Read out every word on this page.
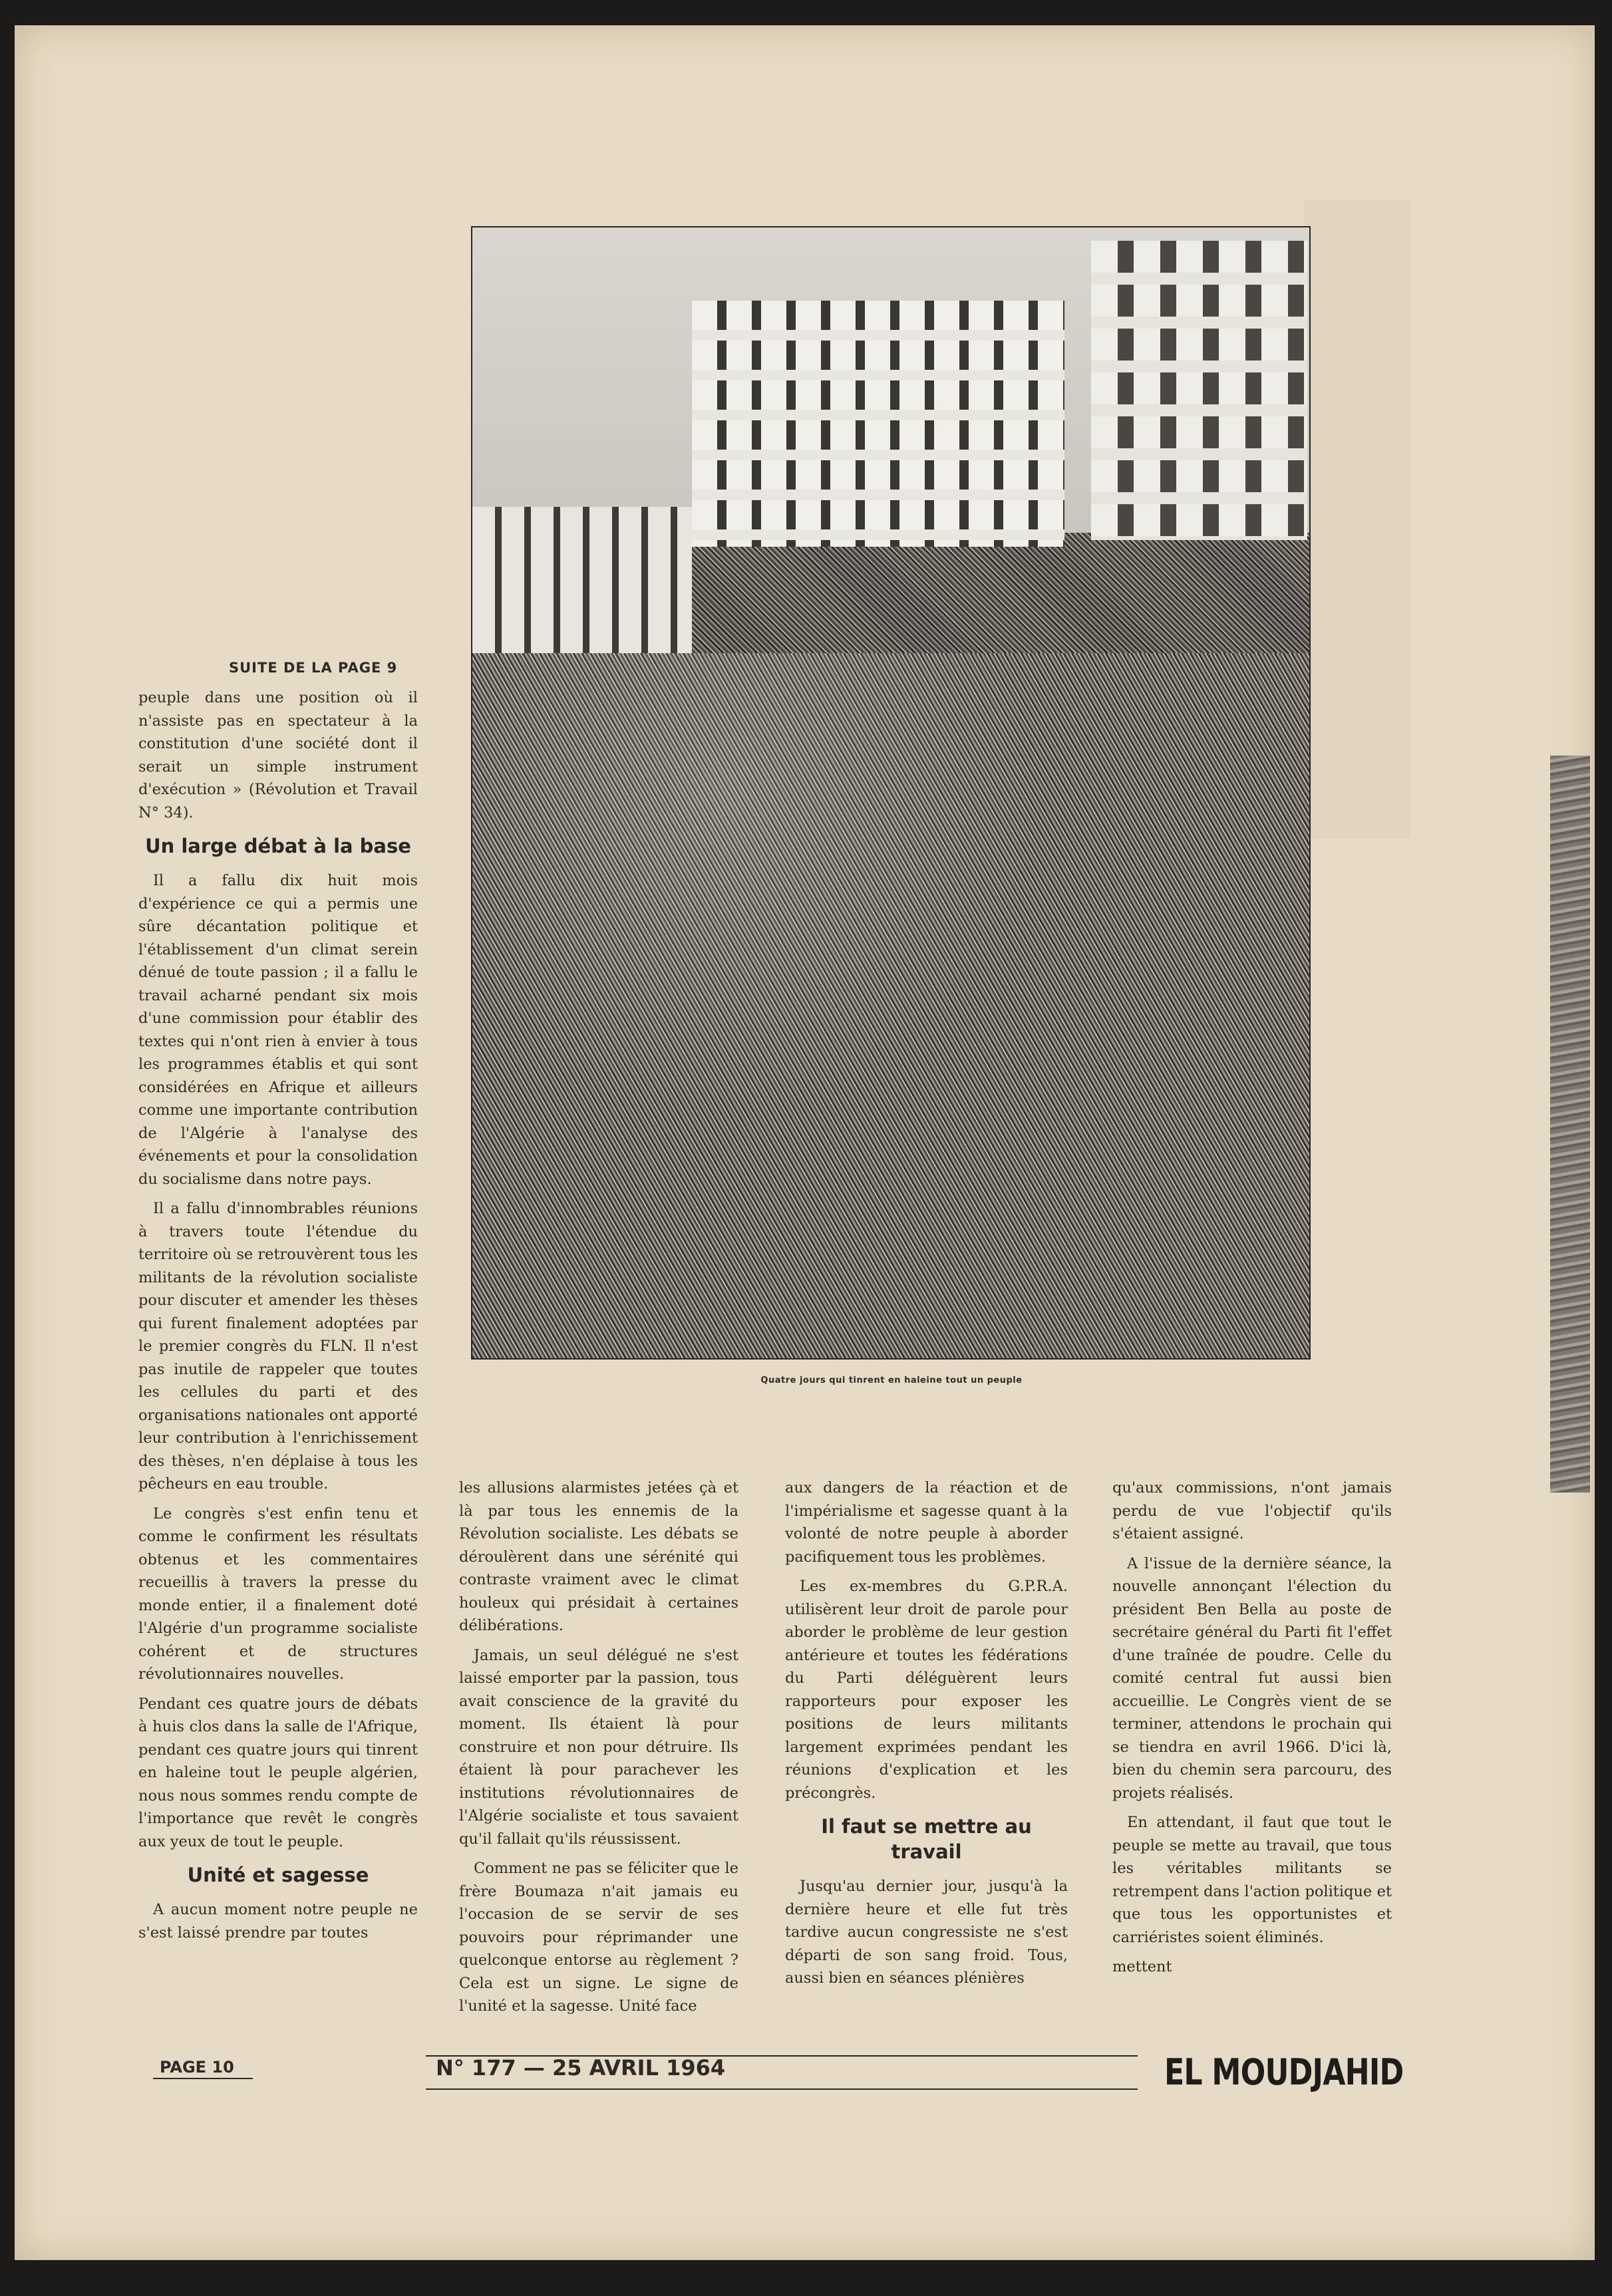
Quatre jours qui tinrent en haleine tout un peuple
SUITE DE LA PAGE 9

peuple dans une position où il n'assiste pas en spectateur à la constitution d'une société dont il serait un simple instrument d'exécution » (Révolution et Travail N° 34).

Un large débat à la base

Il a fallu dix huit mois d'expérience ce qui a permis une sûre décantation politique et l'établissement d'un climat serein dénué de toute passion ; il a fallu le travail acharné pendant six mois d'une commission pour établir des textes qui n'ont rien à envier à tous les programmes établis et qui sont considérées en Afrique et ailleurs comme une importante contribution de l'Algérie à l'analyse des événements et pour la consolidation du socialisme dans notre pays.

Il a fallu d'innombrables réunions à travers toute l'étendue du territoire où se retrouvèrent tous les militants de la révolution socialiste pour discuter et amender les thèses qui furent finalement adoptées par le premier congrès du FLN. Il n'est pas inutile de rappeler que toutes les cellules du parti et des organisations nationales ont apporté leur contribution à l'enrichissement des thèses, n'en déplaise à tous les pêcheurs en eau trouble.

Le congrès s'est enfin tenu et comme le confirment les résultats obtenus et les commentaires recueillis à travers la presse du monde entier, il a finalement doté l'Algérie d'un programme socialiste cohérent et de structures révolutionnaires nouvelles.

Pendant ces quatre jours de débats à huis clos dans la salle de l'Afrique, pendant ces quatre jours qui tinrent en haleine tout le peuple algérien, nous nous sommes rendu compte de l'importance que revêt le congrès aux yeux de tout le peuple.

Unité et sagesse

A aucun moment notre peuple ne s'est laissé prendre par toutes

les allusions alarmistes jetées çà et là par tous les ennemis de la Révolution socialiste. Les débats se déroulèrent dans une sérénité qui contraste vraiment avec le climat houleux qui présidait à certaines délibérations.

Jamais, un seul délégué ne s'est laissé emporter par la passion, tous avait conscience de la gravité du moment. Ils étaient là pour construire et non pour détruire. Ils étaient là pour parachever les institutions révolutionnaires de l'Algérie socialiste et tous savaient qu'il fallait qu'ils réussissent.

Comment ne pas se féliciter que le frère Boumaza n'ait jamais eu l'occasion de se servir de ses pouvoirs pour réprimander une quelconque entorse au règlement ? Cela est un signe. Le signe de l'unité et la sagesse. Unité face

aux dangers de la réaction et de l'impérialisme et sagesse quant à la volonté de notre peuple à aborder pacifiquement tous les problèmes.

Les ex-membres du G.P.R.A. utilisèrent leur droit de parole pour aborder le problème de leur gestion antérieure et toutes les fédérations du Parti déléguèrent leurs rapporteurs pour exposer les positions de leurs militants largement exprimées pendant les réunions d'explication et les précongrès.

Il faut se mettre au travail

Jusqu'au dernier jour, jusqu'à la dernière heure et elle fut très tardive aucun congressiste ne s'est départi de son sang froid. Tous, aussi bien en séances plénières

qu'aux commissions, n'ont jamais perdu de vue l'objectif qu'ils s'étaient assigné.

A l'issue de la dernière séance, la nouvelle annonçant l'élection du président Ben Bella au poste de secrétaire général du Parti fit l'effet d'une traînée de poudre. Celle du comité central fut aussi bien accueillie. Le Congrès vient de se terminer, attendons le prochain qui se tiendra en avril 1966. D'ici là, bien du chemin sera parcouru, des projets réalisés.

En attendant, il faut que tout le peuple se mette au travail, que tous les véritables militants se retrempent dans l'action politique et que tous les opportunistes et carriéristes soient éliminés.

mettent

PAGE 10	N° 177 — 25 AVRIL 1964	EL MOUDJAHID
